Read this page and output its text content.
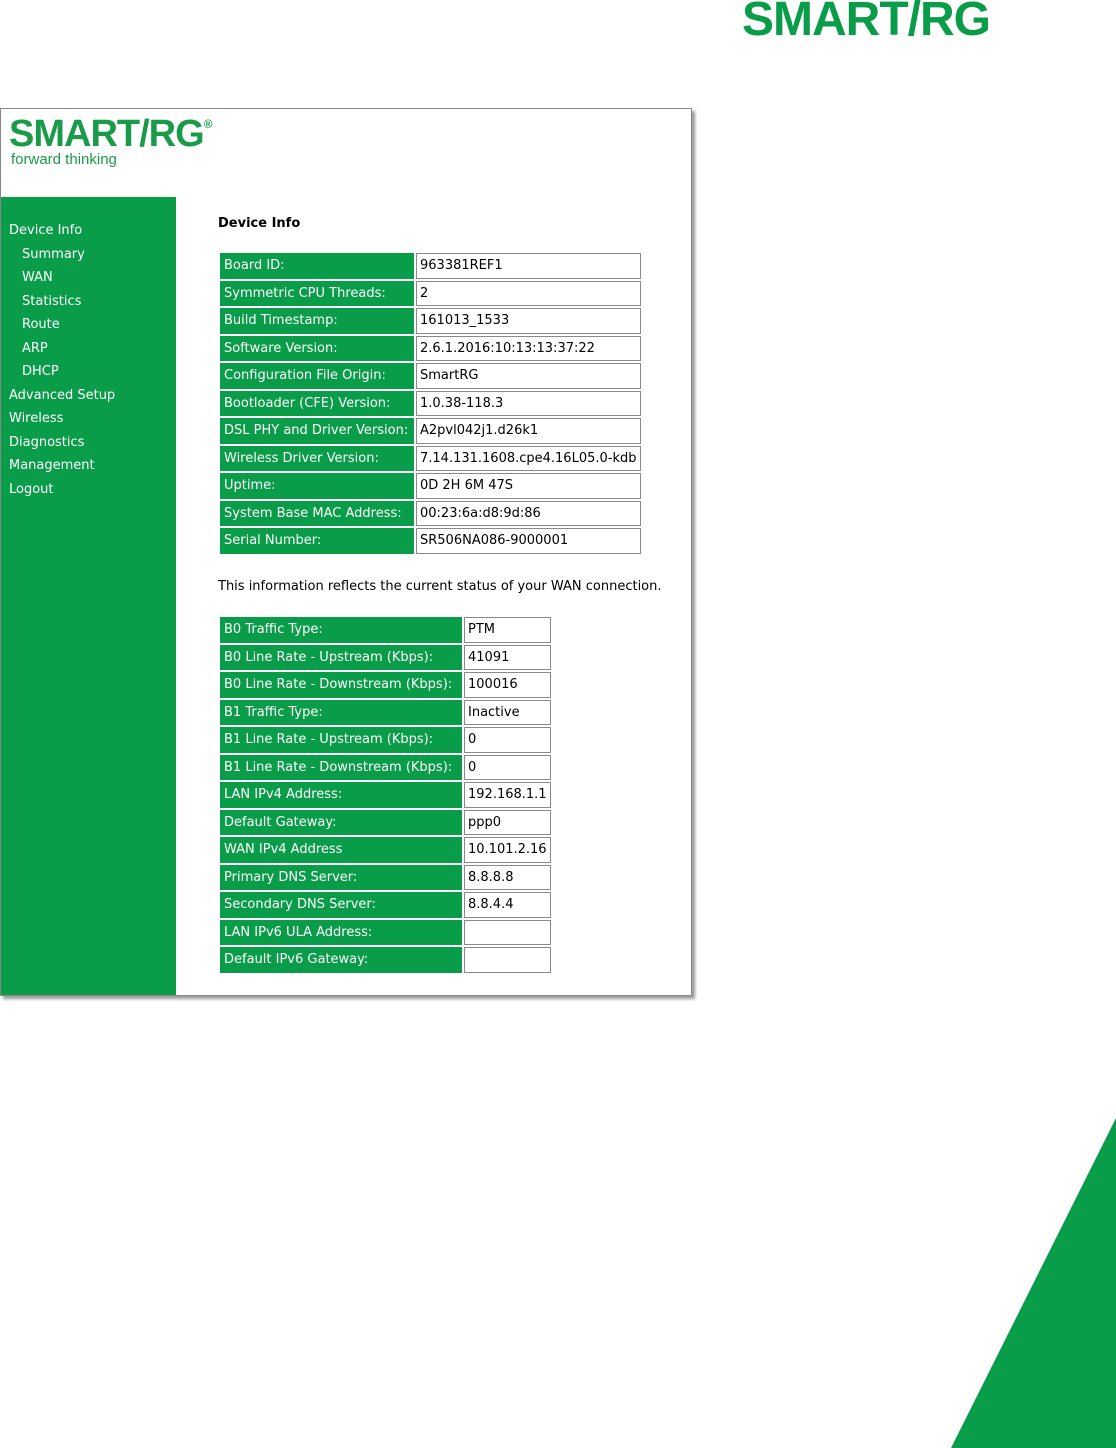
SMART/RG
SMART/RG®
forward thinking
Device Info
Summary
WAN
Statistics
Route
ARP
DHCP
Advanced Setup
Wireless
Diagnostics
Management
Logout
Device Info
Board ID:	963381REF1
Symmetric CPU Threads:	2
Build Timestamp:	161013_1533
Software Version:	2.6.1.2016:10:13:13:37:22
Configuration File Origin:	SmartRG
Bootloader (CFE) Version:	1.0.38-118.3
DSL PHY and Driver Version:	A2pvl042j1.d26k1
Wireless Driver Version:	7.14.131.1608.cpe4.16L05.0-kdb
Uptime:	0D 2H 6M 47S
System Base MAC Address:	00:23:6a:d8:9d:86
Serial Number:	SR506NA086-9000001
This information reflects the current status of your WAN connection.
B0 Traffic Type:	PTM
B0 Line Rate - Upstream (Kbps):	41091
B0 Line Rate - Downstream (Kbps):	100016
B1 Traffic Type:	Inactive
B1 Line Rate - Upstream (Kbps):	0
B1 Line Rate - Downstream (Kbps):	0
LAN IPv4 Address:	192.168.1.1
Default Gateway:	ppp0
WAN IPv4 Address	10.101.2.16
Primary DNS Server:	8.8.8.8
Secondary DNS Server:	8.8.4.4
LAN IPv6 ULA Address:	
Default IPv6 Gateway:	
